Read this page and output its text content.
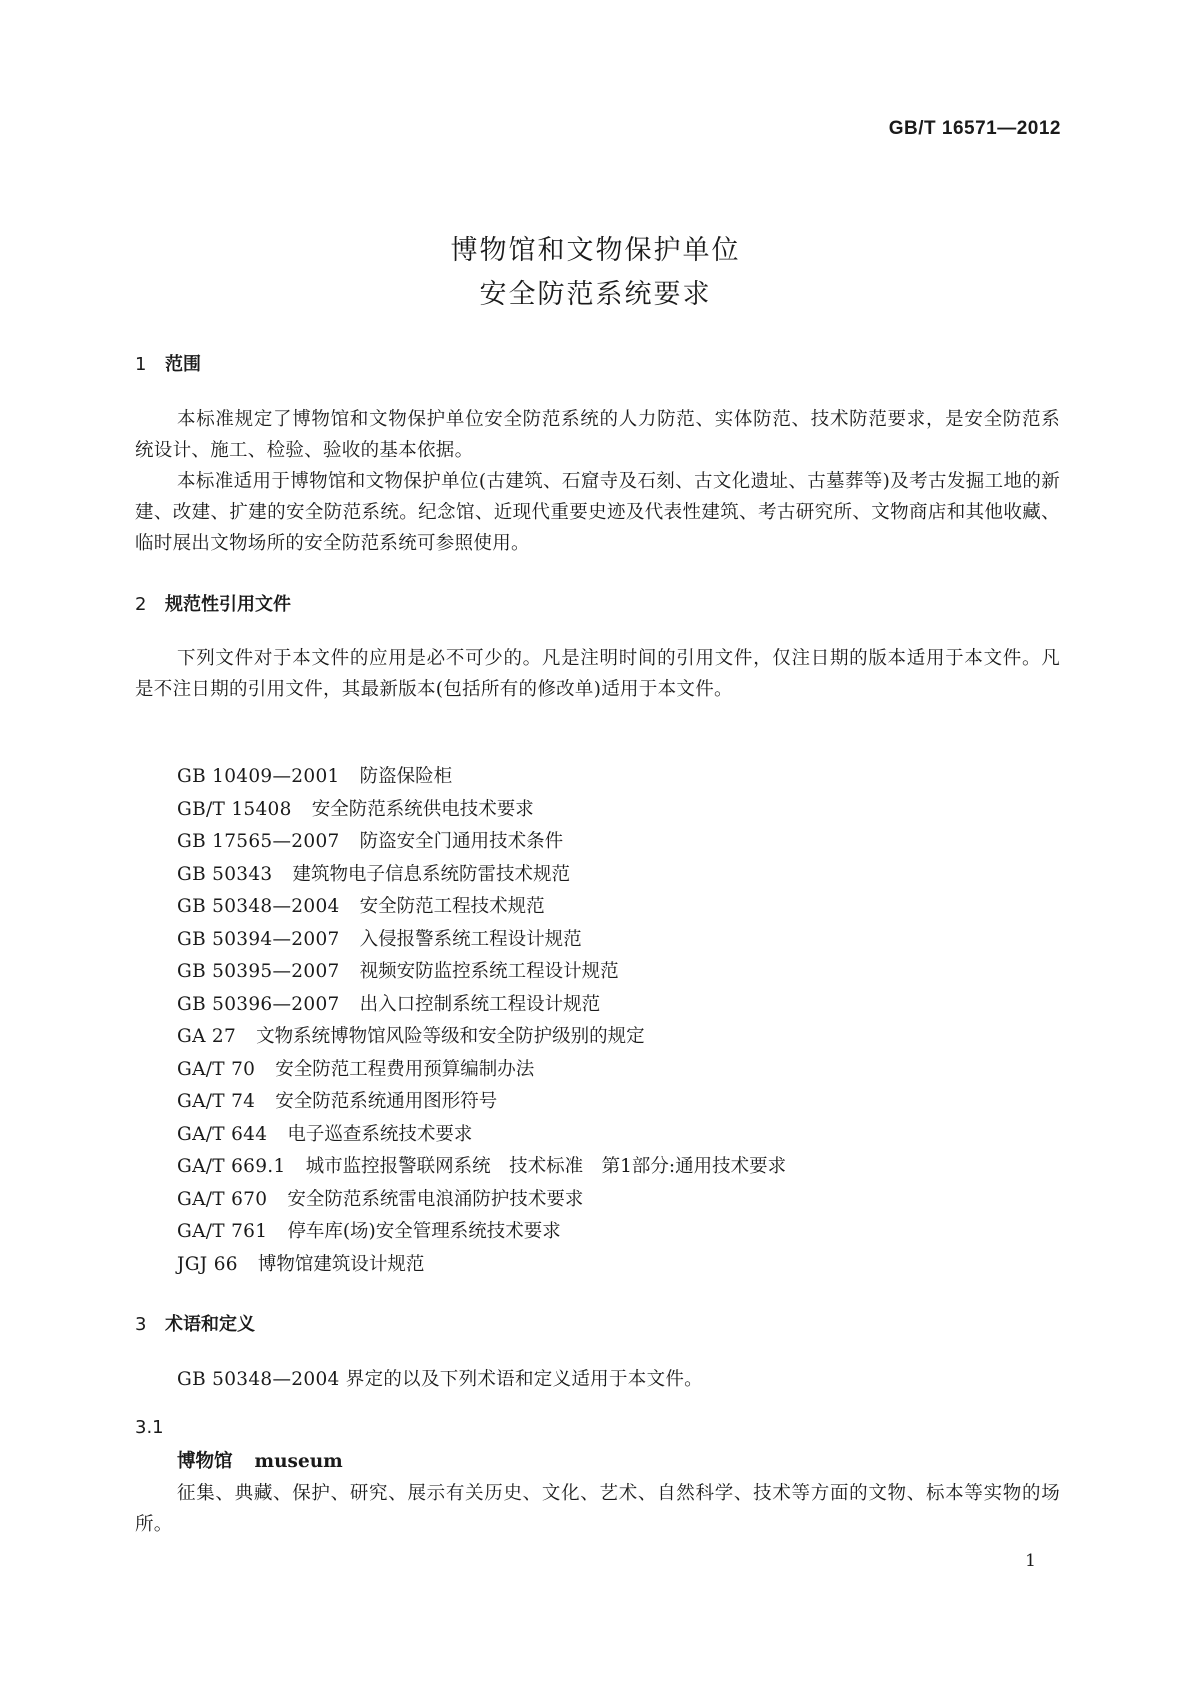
GB/T 16571—2012
博物馆和文物保护单位
安全防范系统要求
1 范围

本标准规定了博物馆和文物保护单位安全防范系统的人力防范、实体防范、技术防范要求，是安全防范系统设计、施工、检验、验收的基本依据。

本标准适用于博物馆和文物保护单位(古建筑、石窟寺及石刻、古文化遗址、古墓葬等)及考古发掘工地的新建、改建、扩建的安全防范系统。纪念馆、近现代重要史迹及代表性建筑、考古研究所、文物商店和其他收藏、临时展出文物场所的安全防范系统可参照使用。

2 规范性引用文件

下列文件对于本文件的应用是必不可少的。凡是注明时间的引用文件，仅注日期的版本适用于本文件。凡是不注日期的引用文件，其最新版本(包括所有的修改单)适用于本文件。

GB 10409—2001 防盗保险柜
GB/T 15408 安全防范系统供电技术要求
GB 17565—2007 防盗安全门通用技术条件
GB 50343 建筑物电子信息系统防雷技术规范
GB 50348—2004 安全防范工程技术规范
GB 50394—2007 入侵报警系统工程设计规范
GB 50395—2007 视频安防监控系统工程设计规范
GB 50396—2007 出入口控制系统工程设计规范
GA 27 文物系统博物馆风险等级和安全防护级别的规定
GA/T 70 安全防范工程费用预算编制办法
GA/T 74 安全防范系统通用图形符号
GA/T 644 电子巡查系统技术要求
GA/T 669.1 城市监控报警联网系统　技术标准　第1部分:通用技术要求
GA/T 670 安全防范系统雷电浪涌防护技术要求
GA/T 761 停车库(场)安全管理系统技术要求
JGJ 66 博物馆建筑设计规范
3 术语和定义

GB 50348—2004 界定的以及下列术语和定义适用于本文件。

3.1
博物馆 museum

征集、典藏、保护、研究、展示有关历史、文化、艺术、自然科学、技术等方面的文物、标本等实物的场所。

1
